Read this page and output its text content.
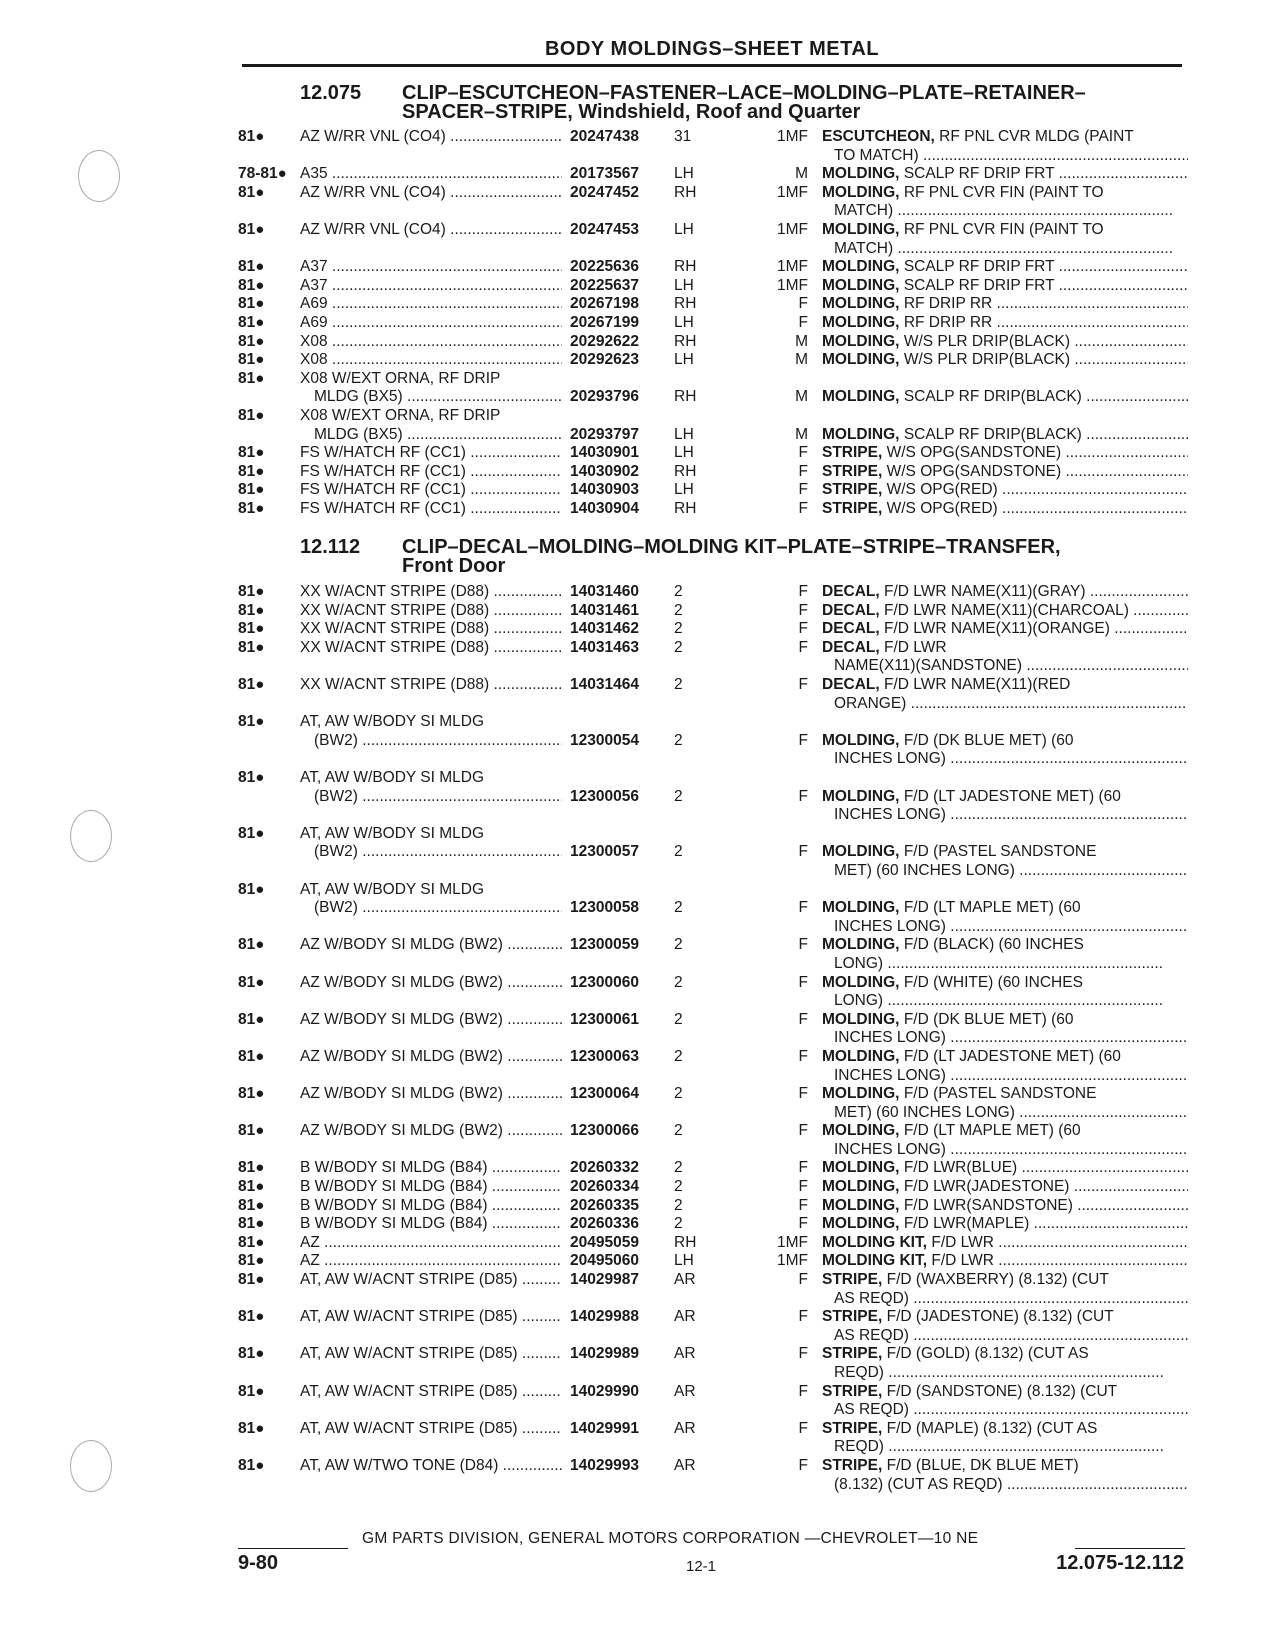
BODY MOLDINGS–SHEET METAL
12.075 CLIP–ESCUTCHEON–FASTENER–LACE–MOLDING–PLATE–RETAINER–
SPACER–STRIPE, Windshield, Roof and Quarter
81● AZ W/RR VNL (CO4) .....	20247438 31	1MF ESCUTCHEON, RF PNL CVR MLDG (PAINT
TO MATCH) .....
78-81● A35 .....	20173567 LH	M MOLDING, SCALP RF DRIP FRT .....
81● AZ W/RR VNL (CO4) .....	20247452 RH	1MF MOLDING, RF PNL CVR FIN (PAINT TO
MATCH) .....
81● AZ W/RR VNL (CO4) .....	20247453 LH	1MF MOLDING, RF PNL CVR FIN (PAINT TO
MATCH) .....
81● A37 .....	20225636 RH	1MF MOLDING, SCALP RF DRIP FRT .....
81● A37 .....	20225637 LH	1MF MOLDING, SCALP RF DRIP FRT .....
81● A69 .....	20267198 RH	F MOLDING, RF DRIP RR .....
81● A69 .....	20267199 LH	F MOLDING, RF DRIP RR .....
81● X08 .....	20292622 RH	M MOLDING, W/S PLR DRIP(BLACK) .....
81● X08 .....	20292623 LH	M MOLDING, W/S PLR DRIP(BLACK) .....
81● X08 W/EXT ORNA, RF DRIP
MLDG (BX5) .....	20293796 RH	M MOLDING, SCALP RF DRIP(BLACK) .....
81● X08 W/EXT ORNA, RF DRIP
MLDG (BX5) .....	20293797 LH	M MOLDING, SCALP RF DRIP(BLACK) .....
81● FS W/HATCH RF (CC1) .....	14030901 LH	F STRIPE, W/S OPG(SANDSTONE) .....
81● FS W/HATCH RF (CC1) .....	14030902 RH	F STRIPE, W/S OPG(SANDSTONE) .....
81● FS W/HATCH RF (CC1) .....	14030903 LH	F STRIPE, W/S OPG(RED) .....
81● FS W/HATCH RF (CC1) .....	14030904 RH	F STRIPE, W/S OPG(RED) .....
12.112 CLIP–DECAL–MOLDING–MOLDING KIT–PLATE–STRIPE–TRANSFER,
Front Door
81● XX W/ACNT STRIPE (D88) .....	14031460 2	F DECAL, F/D LWR NAME(X11)(GRAY) .....
81● XX W/ACNT STRIPE (D88) .....	14031461 2	F DECAL, F/D LWR NAME(X11)(CHARCOAL) .....
81● XX W/ACNT STRIPE (D88) .....	14031462 2	F DECAL, F/D LWR NAME(X11)(ORANGE) .....
81● XX W/ACNT STRIPE (D88) .....	14031463 2	F DECAL, F/D LWR
NAME(X11)(SANDSTONE) .....
81● XX W/ACNT STRIPE (D88) .....	14031464 2	F DECAL, F/D LWR NAME(X11)(RED
ORANGE) .....
81● AT, AW W/BODY SI MLDG
(BW2) .....	12300054 2	F MOLDING, F/D (DK BLUE MET) (60
INCHES LONG) .....
81● AT, AW W/BODY SI MLDG
(BW2) .....	12300056 2	F MOLDING, F/D (LT JADESTONE MET) (60
INCHES LONG) .....
81● AT, AW W/BODY SI MLDG
(BW2) .....	12300057 2	F MOLDING, F/D (PASTEL SANDSTONE
MET) (60 INCHES LONG) .....
81● AT, AW W/BODY SI MLDG
(BW2) .....	12300058 2	F MOLDING, F/D (LT MAPLE MET) (60
INCHES LONG) .....
81● AZ W/BODY SI MLDG (BW2) .....	12300059 2	F MOLDING, F/D (BLACK) (60 INCHES
LONG) .....
81● AZ W/BODY SI MLDG (BW2) .....	12300060 2	F MOLDING, F/D (WHITE) (60 INCHES
LONG) .....
81● AZ W/BODY SI MLDG (BW2) .....	12300061 2	F MOLDING, F/D (DK BLUE MET) (60
INCHES LONG) .....
81● AZ W/BODY SI MLDG (BW2) .....	12300063 2	F MOLDING, F/D (LT JADESTONE MET) (60
INCHES LONG) .....
81● AZ W/BODY SI MLDG (BW2) .....	12300064 2	F MOLDING, F/D (PASTEL SANDSTONE
MET) (60 INCHES LONG) .....
81● AZ W/BODY SI MLDG (BW2) .....	12300066 2	F MOLDING, F/D (LT MAPLE MET) (60
INCHES LONG) .....
81● B W/BODY SI MLDG (B84) .....	20260332 2	F MOLDING, F/D LWR(BLUE) .....
81● B W/BODY SI MLDG (B84) .....	20260334 2	F MOLDING, F/D LWR(JADESTONE) .....
81● B W/BODY SI MLDG (B84) .....	20260335 2	F MOLDING, F/D LWR(SANDSTONE) .....
81● B W/BODY SI MLDG (B84) .....	20260336 2	F MOLDING, F/D LWR(MAPLE) .....
81● AZ .....	20495059 RH	1MF MOLDING KIT, F/D LWR .....
81● AZ .....	20495060 LH	1MF MOLDING KIT, F/D LWR .....
81● AT, AW W/ACNT STRIPE (D85) .....	14029987 AR	F STRIPE, F/D (WAXBERRY) (8.132) (CUT
AS REQD) .....
81● AT, AW W/ACNT STRIPE (D85) .....	14029988 AR	F STRIPE, F/D (JADESTONE) (8.132) (CUT
AS REQD) .....
81● AT, AW W/ACNT STRIPE (D85) .....	14029989 AR	F STRIPE, F/D (GOLD) (8.132) (CUT AS
REQD) .....
81● AT, AW W/ACNT STRIPE (D85) .....	14029990 AR	F STRIPE, F/D (SANDSTONE) (8.132) (CUT
AS REQD) .....
81● AT, AW W/ACNT STRIPE (D85) .....	14029991 AR	F STRIPE, F/D (MAPLE) (8.132) (CUT AS
REQD) .....
81● AT, AW W/TWO TONE (D84) .....	14029993 AR	F STRIPE, F/D (BLUE, DK BLUE MET)
(8.132) (CUT AS REQD) .....
GM PARTS DIVISION, GENERAL MOTORS CORPORATION —CHEVROLET—10 NE
9-80	12-1	12.075-12.112
